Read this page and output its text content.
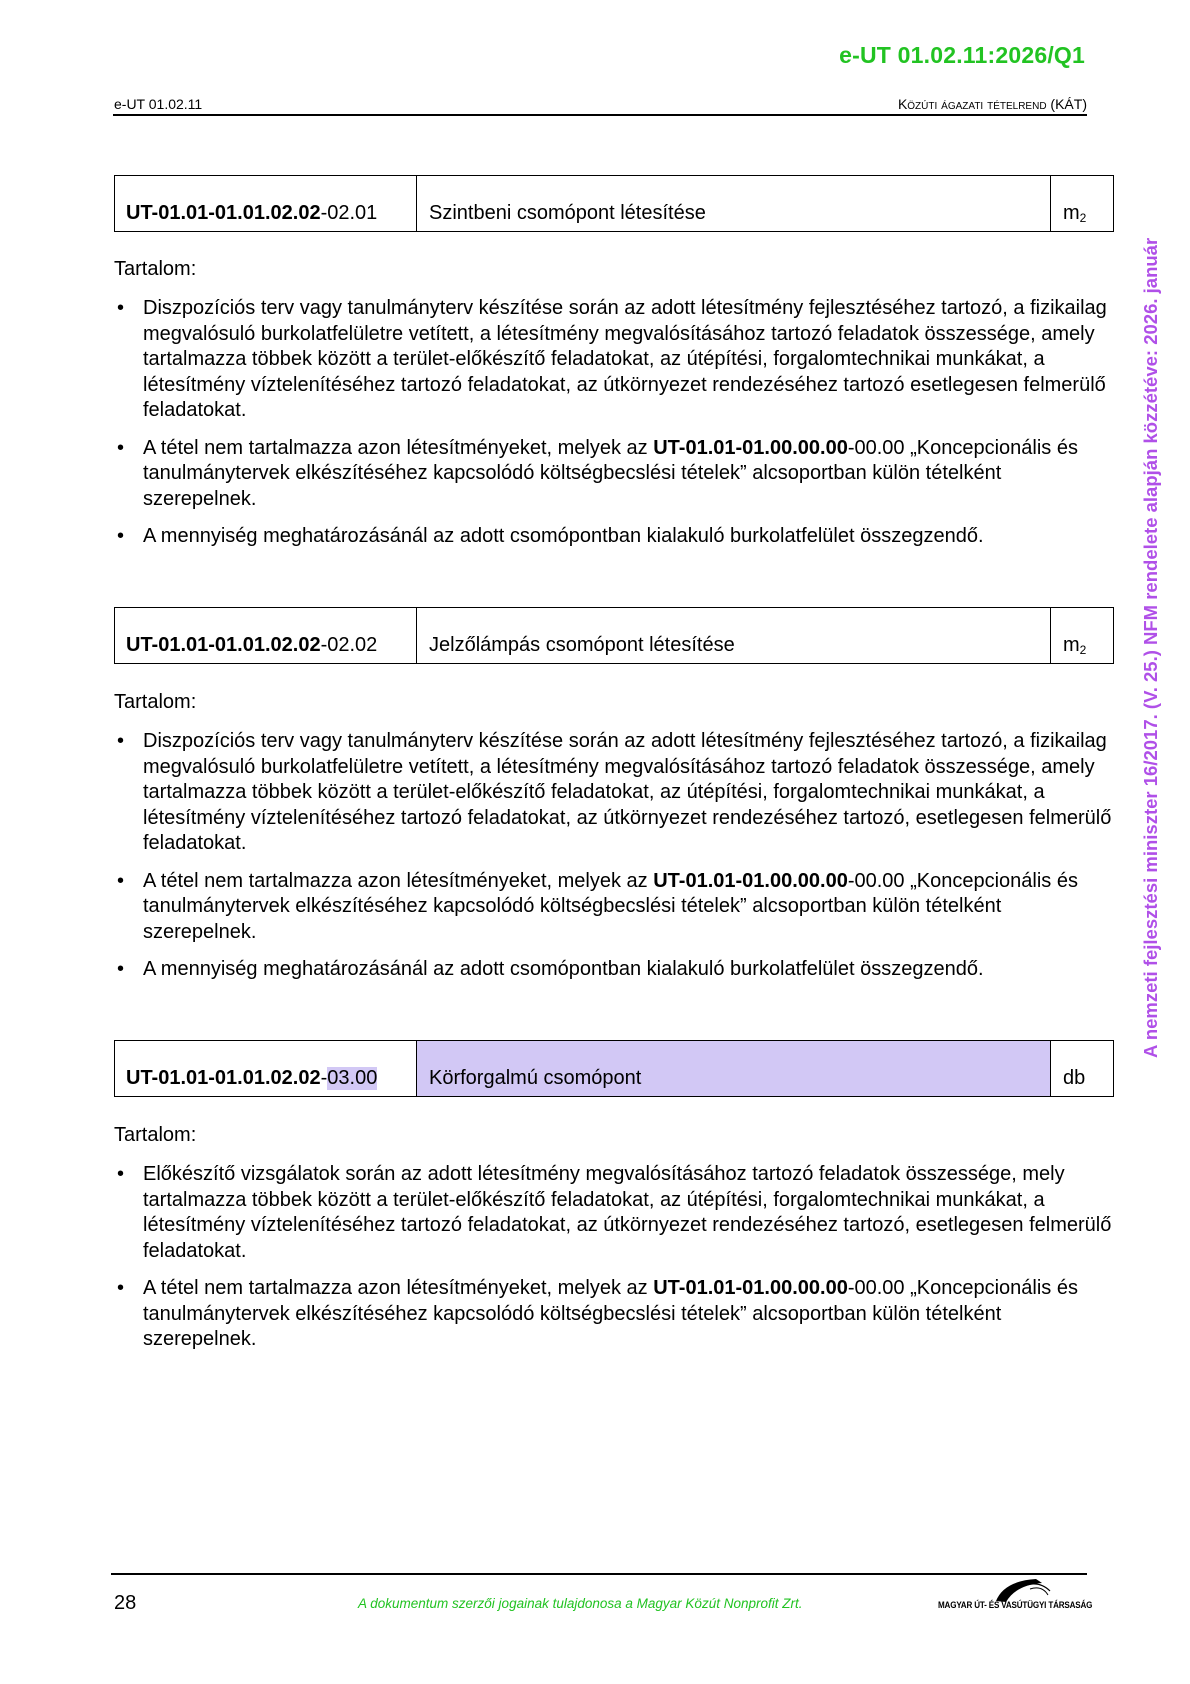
e-UT 01.02.11:2026/Q1
e-UT 01.02.11	Közúti ágazati tételrend (KÁT)
UT-01.01-01.01.02.02 -02.01	Szintbeni csomópont létesítése	$m_2$
Tartalom:
• Diszpozíciós terv vagy tanulmányterv készítése során az adott létesítmény fejlesztéséhez tartozó, a fizikailag megvalósuló burkolatfelületre vetített, a létesítmény megvalósításához tartozó feladatok összessége, amely tartalmazza többek között a terület-előkészítő feladatokat, az útépítési, forgalomtechnikai munkákat, a létesítmény víztelenítéséhez tartozó feladatokat, az útkörnyezet rendezéséhez tartozó esetlegesen felmerülő feladatokat.
• A tétel nem tartalmazza azon létesítményeket, melyek az UT-01.01-01.00.00.00-00.00 „Koncepcionális és tanulmánytervek elkészítéséhez kapcsolódó költségbecslési tételek” alcsoportban külön tételként szerepelnek.
• A mennyiség meghatározásánál az adott csomópontban kialakuló burkolatfelület összegzendő.
UT-01.01-01.01.02.02 -02.02	Jelzőlámpás csomópont létesítése	$m_2$
Tartalom:
• Diszpozíciós terv vagy tanulmányterv készítése során az adott létesítmény fejlesztéséhez tartozó, a fizikailag megvalósuló burkolatfelületre vetített, a létesítmény megvalósításához tartozó feladatok összessége, amely tartalmazza többek között a terület-előkészítő feladatokat, az útépítési, forgalomtechnikai munkákat, a létesítmény víztelenítéséhez tartozó feladatokat, az útkörnyezet rendezéséhez tartozó, esetlegesen felmerülő feladatokat.
• A tétel nem tartalmazza azon létesítményeket, melyek az UT-01.01-01.00.00.00-00.00 „Koncepcionális és tanulmánytervek elkészítéséhez kapcsolódó költségbecslési tételek” alcsoportban külön tételként szerepelnek.
• A mennyiség meghatározásánál az adott csomópontban kialakuló burkolatfelület összegzendő.
UT-01.01-01.01.02.02 - 03.00	Körforgalmú csomópont	db
Tartalom:
• Előkészítő vizsgálatok során az adott létesítmény megvalósításához tartozó feladatok összessége, mely tartalmazza többek között a terület-előkészítő feladatokat, az útépítési, forgalomtechnikai munkákat, a létesítmény víztelenítéséhez tartozó feladatokat, az útkörnyezet rendezéséhez tartozó, esetlegesen felmerülő feladatokat.
• A tétel nem tartalmazza azon létesítményeket, melyek az UT-01.01-01.00.00.00-00.00 „Koncepcionális és tanulmánytervek elkészítéséhez kapcsolódó költségbecslési tételek” alcsoportban külön tételként szerepelnek.
A nemzeti fejlesztési miniszter 16/2017. (V. 25.) NFM rendelete alapján közzétéve: 2026. január
28	A dokumentum szerzői jogainak tulajdonosa a Magyar Közút Nonprofit Zrt.	MAGYAR ÚT- ÉS VASÚTÜGYI TÁRSASÁG
